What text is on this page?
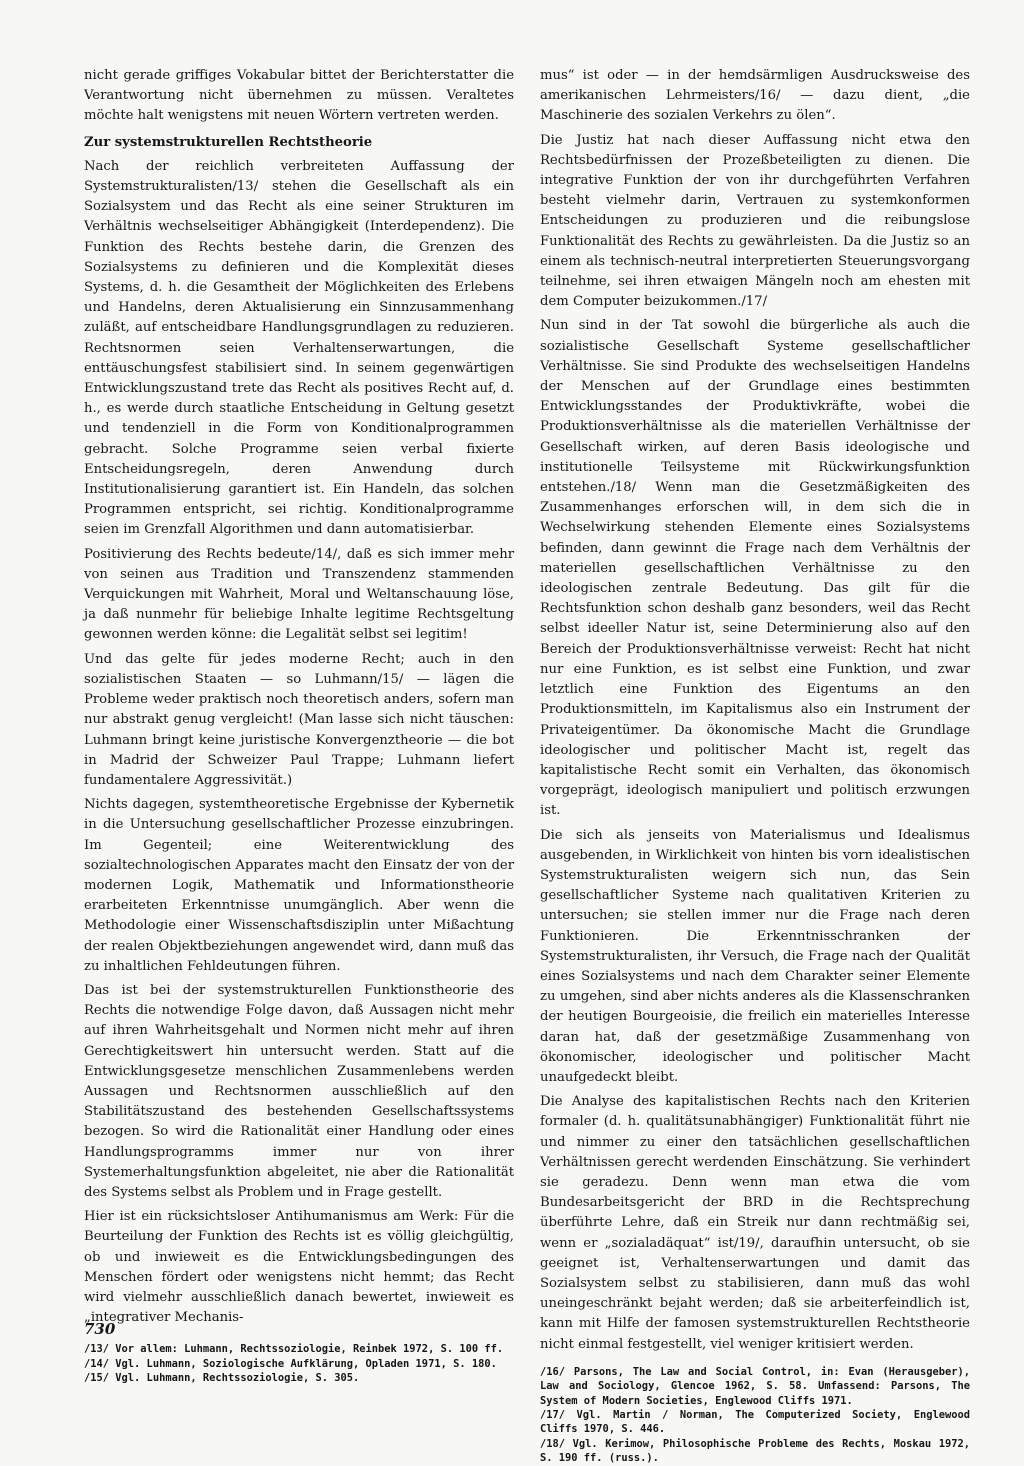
nicht gerade griffiges Vokabular bittet der Berichterstatter die Verantwortung nicht übernehmen zu müssen. Veraltetes möchte halt wenigstens mit neuen Wörtern vertreten werden.

Zur systemstrukturellen Rechtstheorie

Nach der reichlich verbreiteten Auffassung der Systemstrukturalisten/13/ stehen die Gesellschaft als ein Sozialsystem und das Recht als eine seiner Strukturen im Verhältnis wechselseitiger Abhängigkeit (Interdependenz). Die Funktion des Rechts bestehe darin, die Grenzen des Sozialsystems zu definieren und die Komplexität dieses Systems, d. h. die Gesamtheit der Möglichkeiten des Erlebens und Handelns, deren Aktualisierung ein Sinnzusammenhang zuläßt, auf entscheidbare Handlungsgrundlagen zu reduzieren. Rechtsnormen seien Verhaltenserwartungen, die enttäuschungsfest stabilisiert sind. In seinem gegenwärtigen Entwicklungszustand trete das Recht als positives Recht auf, d. h., es werde durch staatliche Entscheidung in Geltung gesetzt und tendenziell in die Form von Konditionalprogrammen gebracht. Solche Programme seien verbal fixierte Entscheidungsregeln, deren Anwendung durch Institutionalisierung garantiert ist. Ein Handeln, das solchen Programmen entspricht, sei richtig. Konditionalprogramme seien im Grenzfall Algorithmen und dann automatisierbar.

Positivierung des Rechts bedeute/14/, daß es sich immer mehr von seinen aus Tradition und Transzendenz stammenden Verquickungen mit Wahrheit, Moral und Weltanschauung löse, ja daß nunmehr für beliebige Inhalte legitime Rechtsgeltung gewonnen werden könne: die Legalität selbst sei legitim!

Und das gelte für jedes moderne Recht; auch in den sozialistischen Staaten — so Luhmann/15/ — lägen die Probleme weder praktisch noch theoretisch anders, sofern man nur abstrakt genug vergleicht! (Man lasse sich nicht täuschen: Luhmann bringt keine juristische Konvergenztheorie — die bot in Madrid der Schweizer Paul Trappe; Luhmann liefert fundamentalere Aggressivität.)

Nichts dagegen, systemtheoretische Ergebnisse der Kybernetik in die Untersuchung gesellschaftlicher Prozesse einzubringen. Im Gegenteil; eine Weiterentwicklung des sozialtechnologischen Apparates macht den Einsatz der von der modernen Logik, Mathematik und Informationstheorie erarbeiteten Erkenntnisse unumgänglich. Aber wenn die Methodologie einer Wissenschaftsdisziplin unter Mißachtung der realen Objektbeziehungen angewendet wird, dann muß das zu inhaltlichen Fehldeutungen führen.

Das ist bei der systemstrukturellen Funktionstheorie des Rechts die notwendige Folge davon, daß Aussagen nicht mehr auf ihren Wahrheitsgehalt und Normen nicht mehr auf ihren Gerechtigkeitswert hin untersucht werden. Statt auf die Entwicklungsgesetze menschlichen Zusammenlebens werden Aussagen und Rechtsnormen ausschließlich auf den Stabilitätszustand des bestehenden Gesellschaftssystems bezogen. So wird die Rationalität einer Handlung oder eines Handlungsprogramms immer nur von ihrer Systemerhaltungsfunktion abgeleitet, nie aber die Rationalität des Systems selbst als Problem und in Frage gestellt.

Hier ist ein rücksichtsloser Antihumanismus am Werk: Für die Beurteilung der Funktion des Rechts ist es völlig gleichgültig, ob und inwieweit es die Entwicklungsbedingungen des Menschen fördert oder wenigstens nicht hemmt; das Recht wird vielmehr ausschließlich danach bewertet, inwieweit es „integrativer Mechanis-

/13/ Vor allem: Luhmann, Rechtssoziologie, Reinbek 1972, S. 100 ff.

/14/ Vgl. Luhmann, Soziologische Aufklärung, Opladen 1971, S. 180.

/15/ Vgl. Luhmann, Rechtssoziologie, S. 305.

mus“ ist oder — in der hemdsärmligen Ausdrucksweise des amerikanischen Lehrmeisters/16/ — dazu dient, „die Maschinerie des sozialen Verkehrs zu ölen“.

Die Justiz hat nach dieser Auffassung nicht etwa den Rechtsbedürfnissen der Prozeßbeteiligten zu dienen. Die integrative Funktion der von ihr durchgeführten Verfahren besteht vielmehr darin, Vertrauen zu systemkonformen Entscheidungen zu produzieren und die reibungslose Funktionalität des Rechts zu gewährleisten. Da die Justiz so an einem als technisch-neutral interpretierten Steuerungsvorgang teilnehme, sei ihren etwaigen Mängeln noch am ehesten mit dem Computer beizukommen./17/

Nun sind in der Tat sowohl die bürgerliche als auch die sozialistische Gesellschaft Systeme gesellschaftlicher Verhältnisse. Sie sind Produkte des wechselseitigen Handelns der Menschen auf der Grundlage eines bestimmten Entwicklungsstandes der Produktivkräfte, wobei die Produktionsverhältnisse als die materiellen Verhältnisse der Gesellschaft wirken, auf deren Basis ideologische und institutionelle Teilsysteme mit Rückwirkungsfunktion entstehen./18/ Wenn man die Gesetzmäßigkeiten des Zusammenhanges erforschen will, in dem sich die in Wechselwirkung stehenden Elemente eines Sozialsystems befinden, dann gewinnt die Frage nach dem Verhältnis der materiellen gesellschaftlichen Verhältnisse zu den ideologischen zentrale Bedeutung. Das gilt für die Rechtsfunktion schon deshalb ganz besonders, weil das Recht selbst ideeller Natur ist, seine Determinierung also auf den Bereich der Produktionsverhältnisse verweist: Recht hat nicht nur eine Funktion, es ist selbst eine Funktion, und zwar letztlich eine Funktion des Eigentums an den Produktionsmitteln, im Kapitalismus also ein Instrument der Privateigentümer. Da ökonomische Macht die Grundlage ideologischer und politischer Macht ist, regelt das kapitalistische Recht somit ein Verhalten, das ökonomisch vorgeprägt, ideologisch manipuliert und politisch erzwungen ist.

Die sich als jenseits von Materialismus und Idealismus ausgebenden, in Wirklichkeit von hinten bis vorn idealistischen Systemstrukturalisten weigern sich nun, das Sein gesellschaftlicher Systeme nach qualitativen Kriterien zu untersuchen; sie stellen immer nur die Frage nach deren Funktionieren. Die Erkenntnisschranken der Systemstrukturalisten, ihr Versuch, die Frage nach der Qualität eines Sozialsystems und nach dem Charakter seiner Elemente zu umgehen, sind aber nichts anderes als die Klassenschranken der heutigen Bourgeoisie, die freilich ein materielles Interesse daran hat, daß der gesetzmäßige Zusammenhang von ökonomischer, ideologischer und politischer Macht unaufgedeckt bleibt.

Die Analyse des kapitalistischen Rechts nach den Kriterien formaler (d. h. qualitätsunabhängiger) Funktionalität führt nie und nimmer zu einer den tatsächlichen gesellschaftlichen Verhältnissen gerecht werdenden Einschätzung. Sie verhindert sie geradezu. Denn wenn man etwa die vom Bundesarbeitsgericht der BRD in die Rechtsprechung überführte Lehre, daß ein Streik nur dann rechtmäßig sei, wenn er „sozialadäquat“ ist/19/, daraufhin untersucht, ob sie geeignet ist, Verhaltenserwartungen und damit das Sozialsystem selbst zu stabilisieren, dann muß das wohl uneingeschränkt bejaht werden; daß sie arbeiterfeindlich ist, kann mit Hilfe der famosen systemstrukturellen Rechtstheorie nicht einmal festgestellt, viel weniger kritisiert werden.

/16/ Parsons, The Law and Social Control, in: Evan (Herausgeber), Law and Sociology, Glencoe 1962, S. 58. Umfassend: Parsons, The System of Modern Societies, Englewood Cliffs 1971.

/17/ Vgl. Martin / Norman, The Computerized Society, Englewood Cliffs 1970, S. 446.

/18/ Vgl. Kerimow, Philosophische Probleme des Rechts, Moskau 1972, S. 190 ff. (russ.).

730
